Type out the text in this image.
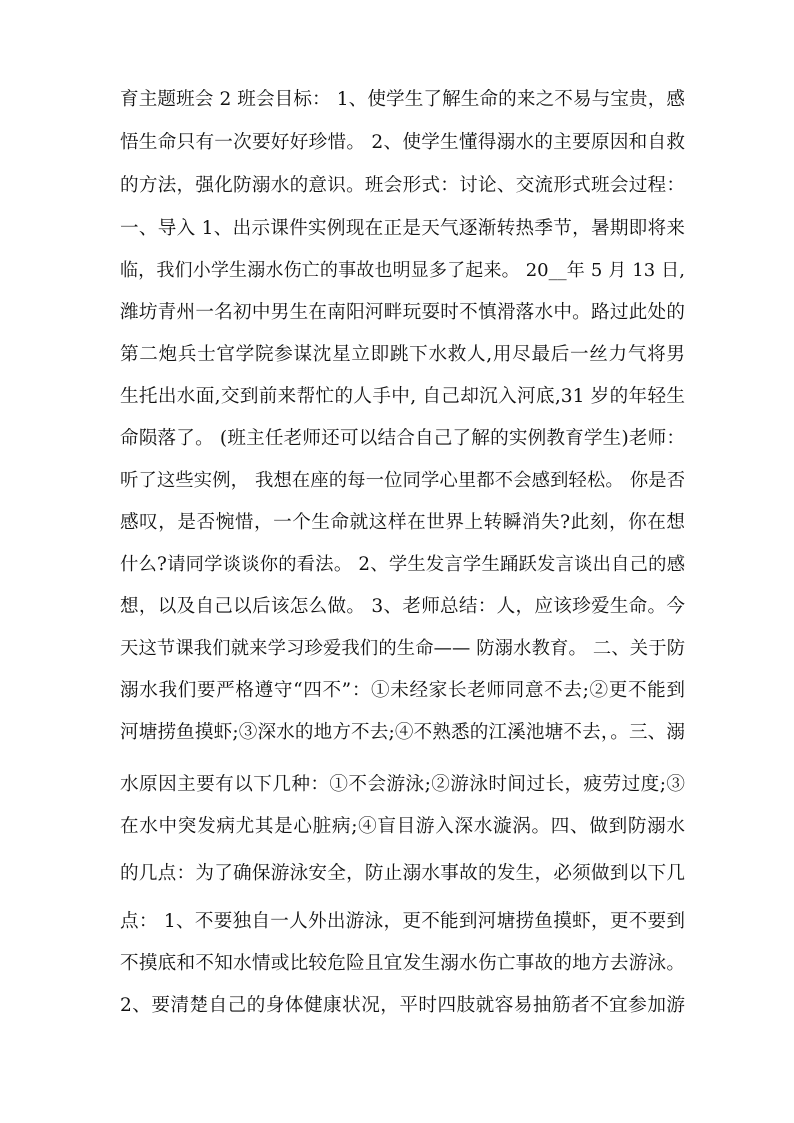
育主题班会 2 班会目标： 1、使学生了解生命的来之不易与宝贵，感
悟生命只有一次要好好珍惜。 2、使学生懂得溺水的主要原因和自救
的方法，强化防溺水的意识。班会形式：讨论、交流形式班会过程：
一、导入 1、出示课件实例现在正是天气逐渐转热季节，暑期即将来
临，我们小学生溺水伤亡的事故也明显多了起来。 20__年 5 月 13 日,
潍坊青州一名初中男生在南阳河畔玩耍时不慎滑落水中。路过此处的
第二炮兵士官学院参谋沈星立即跳下水救人,用尽最后一丝力气将男
生托出水面,交到前来帮忙的人手中, 自己却沉入河底,31 岁的年轻生
命陨落了。 (班主任老师还可以结合自己了解的实例教育学生)老师：
听了这些实例， 我想在座的每一位同学心里都不会感到轻松。 你是否
感叹，是否惋惜，一个生命就这样在世界上转瞬消失?此刻，你在想
什么?请同学谈谈你的看法。 2、学生发言学生踊跃发言谈出自己的感
想，以及自己以后该怎么做。 3、老师总结：人，应该珍爱生命。今
天这节课我们就来学习珍爱我们的生命—— 防溺水教育。 二、关于防
溺水我们要严格遵守“四不”：①未经家长老师同意不去;②更不能到
河塘捞鱼摸虾;③深水的地方不去;④不熟悉的江溪池塘不去，。三、溺
水原因主要有以下几种：①不会游泳;②游泳时间过长，疲劳过度;③
在水中突发病尤其是心脏病;④盲目游入深水漩涡。四、做到防溺水
的几点：为了确保游泳安全，防止溺水事故的发生，必须做到以下几
点： 1、不要独自一人外出游泳，更不能到河塘捞鱼摸虾，更不要到
不摸底和不知水情或比较危险且宜发生溺水伤亡事故的地方去游泳。
2、要清楚自己的身体健康状况，平时四肢就容易抽筋者不宜参加游
